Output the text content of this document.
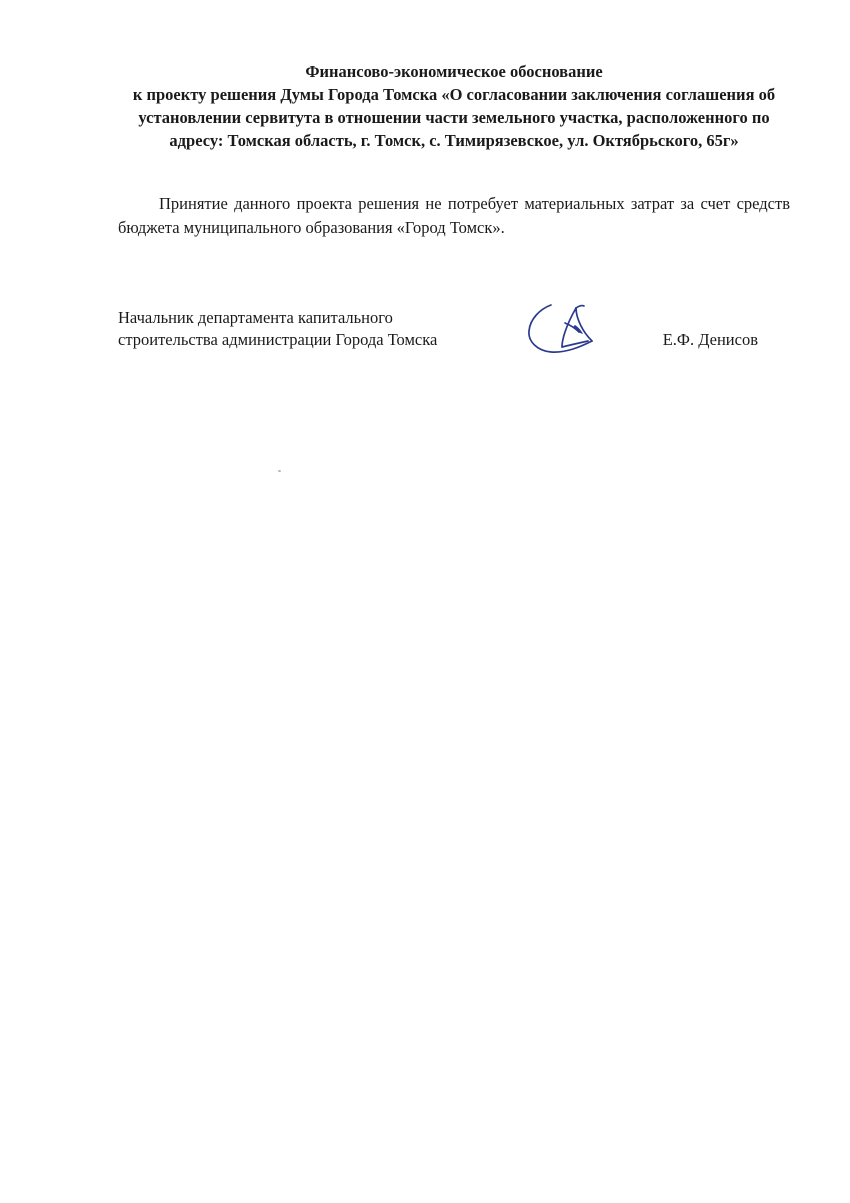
Финансово-экономическое обоснование
к проекту решения Думы Города Томска «О согласовании заключения соглашения об установлении сервитута в отношении части земельного участка, расположенного по адресу: Томская область, г. Томск, с. Тимирязевское, ул. Октябрьского, 65г»

Принятие данного проекта решения не потребует материальных затрат за счет средств бюджета муниципального образования «Город Томск».

Начальник департамента капитального
строительства администрации Города Томска	Е.Ф. Денисов
